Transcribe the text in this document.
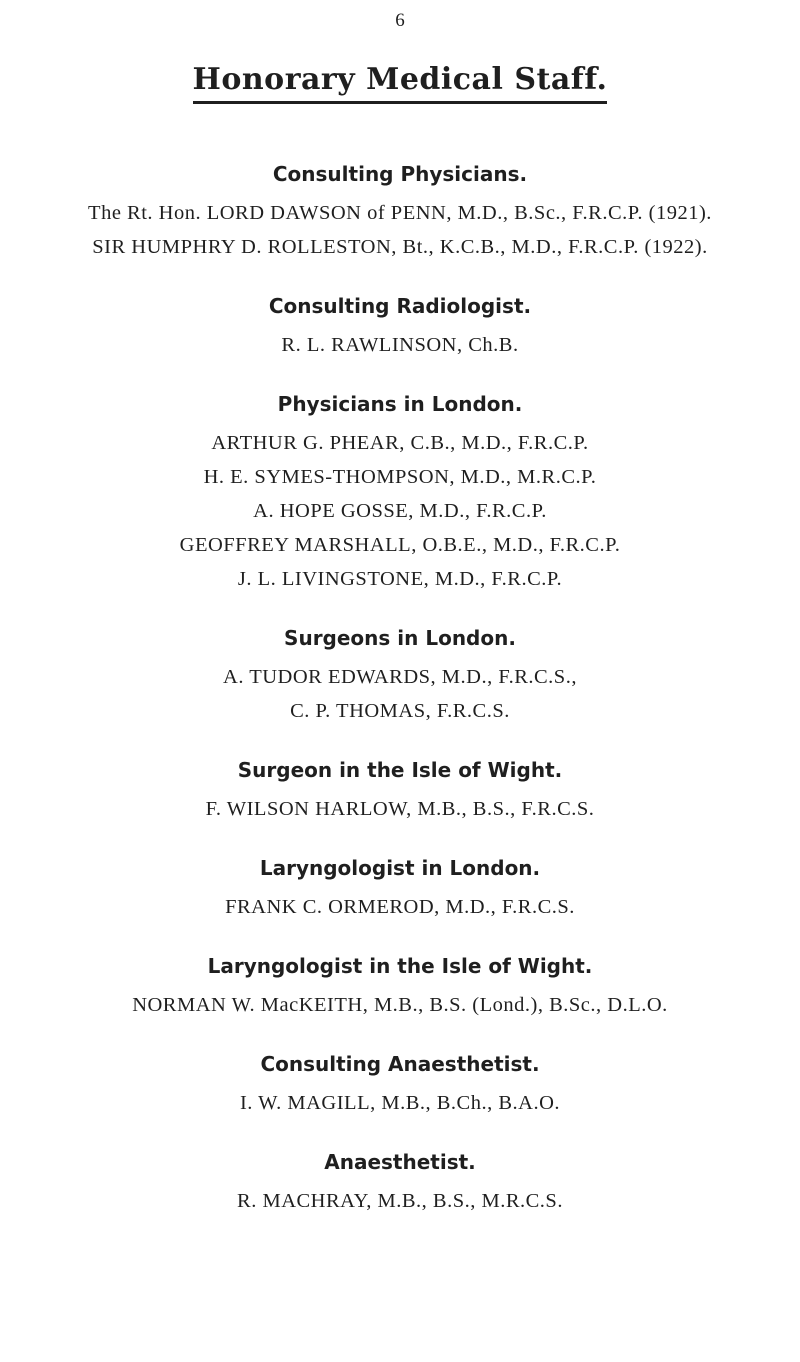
6
Honorary Medical Staff.
Consulting Physicians.
The Rt. Hon. LORD DAWSON of PENN, M.D., B.Sc., F.R.C.P. (1921).
SIR HUMPHRY D. ROLLESTON, Bt., K.C.B., M.D., F.R.C.P. (1922).
Consulting Radiologist.
R. L. RAWLINSON, Ch.B.
Physicians in London.
ARTHUR G. PHEAR, C.B., M.D., F.R.C.P.
H. E. SYMES-THOMPSON, M.D., M.R.C.P.
A. HOPE GOSSE, M.D., F.R.C.P.
GEOFFREY MARSHALL, O.B.E., M.D., F.R.C.P.
J. L. LIVINGSTONE, M.D., F.R.C.P.
Surgeons in London.
A. TUDOR EDWARDS, M.D., F.R.C.S.,
C. P. THOMAS, F.R.C.S.
Surgeon in the Isle of Wight.
F. WILSON HARLOW, M.B., B.S., F.R.C.S.
Laryngologist in London.
FRANK C. ORMEROD, M.D., F.R.C.S.
Laryngologist in the Isle of Wight.
NORMAN W. MacKEITH, M.B., B.S. (Lond.), B.Sc., D.L.O.
Consulting Anaesthetist.
I. W. MAGILL, M.B., B.Ch., B.A.O.
Anaesthetist.
R. MACHRAY, M.B., B.S., M.R.C.S.
